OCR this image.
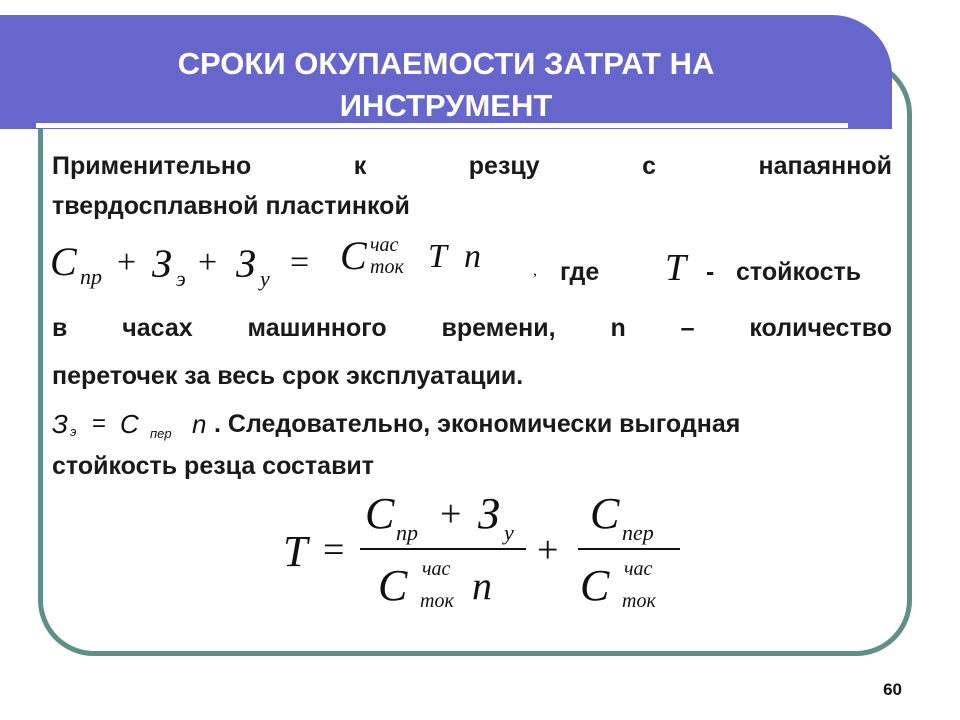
СРОКИ ОКУПАЕМОСТИ ЗАТРАТ НА
ИНСТРУМЕНТ

Применительно к резцу с напаянной

твердосплавной пластинкой

C пр + З э + З у = C час
ток T n	, где T - стойкость

в часах машинного времени, n – количество

переточек за весь срок эксплуатации.

З э = С пер n . Следовательно, экономически выгодная

стойкость резца составит

T =
C пр + З у
C час
ток n
+
C пер
C час
ток
60
